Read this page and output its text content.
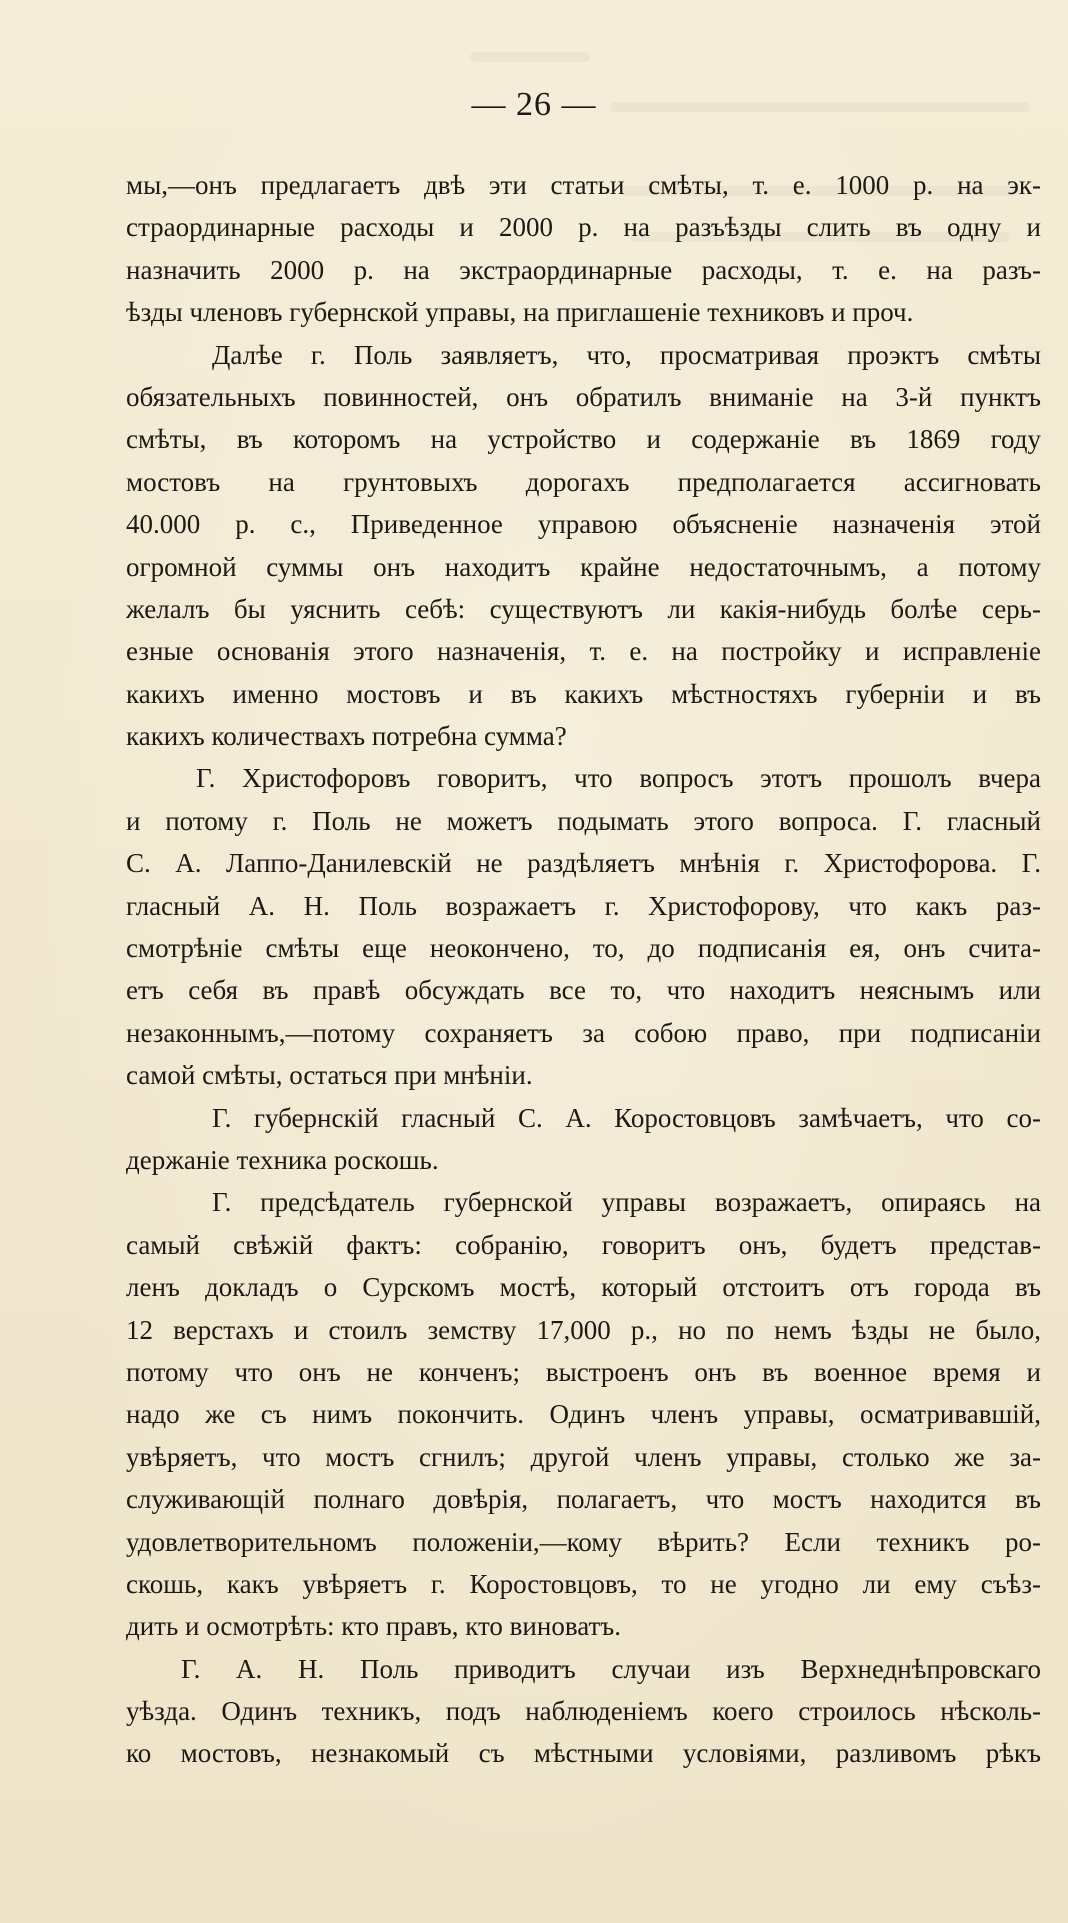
— 26 —
мы,—онъ предлагаетъ двѣ эти статьи смѣты, т. е. 1000 р. на эк-
страординарные расходы и 2000 р. на разъѣзды слить въ одну и
назначить 2000 р. на экстраординарные расходы, т. е. на разъ-
ѣзды членовъ губернской управы, на приглашеніе техниковъ и проч.
Далѣе г. Поль заявляетъ, что, просматривая проэктъ смѣты
обязательныхъ повинностей, онъ обратилъ вниманіе на 3-й пунктъ
смѣты, въ которомъ на устройство и содержаніе въ 1869 году
мостовъ на грунтовыхъ дорогахъ предполагается ассигновать
40.000 р. с., Приведенное управою объясненіе назначенія этой
огромной суммы онъ находитъ крайне недостаточнымъ, а потому
желалъ бы уяснить себѣ: существуютъ ли какія-нибудь болѣе серь-
езные основанія этого назначенія, т. е. на постройку и исправленіе
какихъ именно мостовъ и въ какихъ мѣстностяхъ губерніи и въ
какихъ количествахъ потребна сумма?
Г. Христофоровъ говоритъ, что вопросъ этотъ прошолъ вчера
и потому г. Поль не можетъ подымать этого вопроса. Г. гласный
С. А. Лаппо-Данилевскій не раздѣляетъ мнѣнія г. Христофорова. Г.
гласный А. Н. Поль возражаетъ г. Христофорову, что какъ раз-
смотрѣніе смѣты еще неокончено, то, до подписанія ея, онъ счита-
етъ себя въ правѣ обсуждать все то, что находитъ неяснымъ или
незаконнымъ,—потому сохраняетъ за собою право, при подписаніи
самой смѣты, остаться при мнѣніи.
Г. губернскій гласный С. А. Коростовцовъ замѣчаетъ, что со-
держаніе техника роскошь.
Г. предсѣдатель губернской управы возражаетъ, опираясь на
самый свѣжій фактъ: собранію, говоритъ онъ, будетъ представ-
ленъ докладъ о Сурскомъ мостѣ, который отстоитъ отъ города въ
12 верстахъ и стоилъ земству 17,000 р., но по немъ ѣзды не было,
потому что онъ не конченъ; выстроенъ онъ въ военное время и
надо же съ нимъ покончить. Одинъ членъ управы, осматривавшій,
увѣряетъ, что мостъ сгнилъ; другой членъ управы, столько же за-
служивающій полнаго довѣрія, полагаетъ, что мостъ находится въ
удовлетворительномъ положеніи,—кому вѣрить? Если техникъ ро-
скошь, какъ увѣряетъ г. Коростовцовъ, то не угодно ли ему съѣз-
дить и осмотрѣть: кто правъ, кто виноватъ.
Г. А. Н. Поль приводитъ случаи изъ Верхнеднѣпровскаго
уѣзда. Одинъ техникъ, подъ наблюденіемъ коего строилось нѣсколь-
ко мостовъ, незнакомый съ мѣстными условіями, разливомъ рѣкъ
